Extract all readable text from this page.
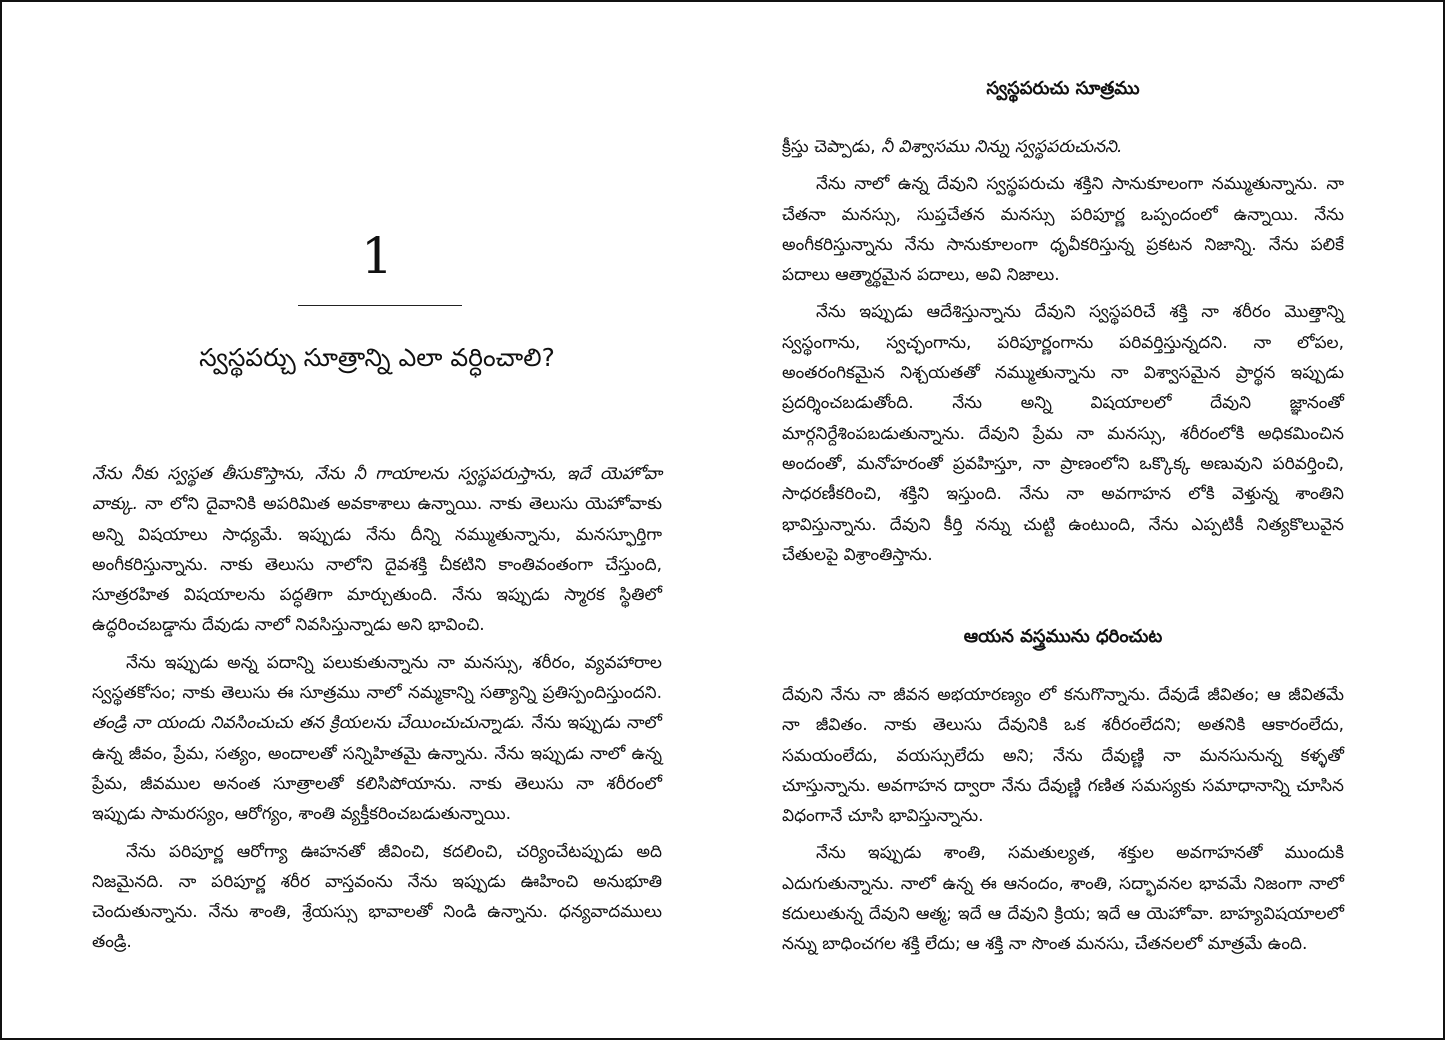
1
స్వస్థపర్చు సూత్రాన్ని ఎలా వర్ధించాలి?

నేను నీకు స్వస్థత తీసుకొస్తాను, నేను నీ గాయాలను స్వస్థపరుస్తాను, ఇదే యెహోవా వాక్కు. నా లోని దైవానికి అపరిమిత అవకాశాలు ఉన్నాయి. నాకు తెలుసు యెహోవాకు అన్ని విషయాలు సాధ్యమే. ఇప్పుడు నేను దీన్ని నమ్ముతున్నాను, మనస్ఫూర్తిగా అంగీకరిస్తున్నాను. నాకు తెలుసు నాలోని దైవశక్తి చీకటిని కాంతివంతంగా చేస్తుంది, సూత్రరహిత విషయాలను పద్ధతిగా మార్చుతుంది. నేను ఇప్పుడు స్మారక స్థితిలో ఉద్ధరించబడ్డాను దేవుడు నాలో నివసిస్తున్నాడు అని భావించి.

నేను ఇప్పుడు అన్న పదాన్ని పలుకుతున్నాను నా మనస్సు, శరీరం, వ్యవహారాల స్వస్థతకోసం; నాకు తెలుసు ఈ సూత్రము నాలో నమ్మకాన్ని సత్యాన్ని ప్రతిస్పందిస్తుందని. తండ్రి నా యందు నివసించుచు తన క్రియలను చేయించుచున్నాడు. నేను ఇప్పుడు నాలో ఉన్న జీవం, ప్రేమ, సత్యం, అందాలతో సన్నిహితమై ఉన్నాను. నేను ఇప్పుడు నాలో ఉన్న ప్రేమ, జీవముల అనంత సూత్రాలతో కలిసిపోయాను. నాకు తెలుసు నా శరీరంలో ఇప్పుడు సామరస్యం, ఆరోగ్యం, శాంతి వ్యక్తీకరించబడుతున్నాయి.

నేను పరిపూర్ణ ఆరోగ్యా ఊహనతో జీవించి, కదలించి, చర్యించేటప్పుడు అది నిజమైనది. నా పరిపూర్ణ శరీర వాస్తవంను నేను ఇప్పుడు ఊహించి అనుభూతి చెందుతున్నాను. నేను శాంతి, శ్రేయస్సు భావాలతో నిండి ఉన్నాను. ధన్యవాదములు తండ్రి.

స్వస్థపరుచు సూత్రము

క్రీస్తు చెప్పాడు, నీ విశ్వాసము నిన్ను స్వస్థపరుచునని.

నేను నాలో ఉన్న దేవుని స్వస్థపరుచు శక్తిని సానుకూలంగా నమ్ముతున్నాను. నా చేతనా మనస్సు, సుప్తచేతన మనస్సు పరిపూర్ణ ఒప్పందంలో ఉన్నాయి. నేను అంగీకరిస్తున్నాను నేను సానుకూలంగా ధృవీకరిస్తున్న ప్రకటన నిజాన్ని. నేను పలికే పదాలు ఆత్మార్థమైన పదాలు, అవి నిజాలు.

నేను ఇప్పుడు ఆదేశిస్తున్నాను దేవుని స్వస్థపరిచే శక్తి నా శరీరం మొత్తాన్ని స్వస్థంగాను, స్వచ్ఛంగాను, పరిపూర్ణంగాను పరివర్తిస్తున్నదని. నా లోపల, అంతరంగికమైన నిశ్చయతతో నమ్ముతున్నాను నా విశ్వాసమైన ప్రార్థన ఇప్పుడు ప్రదర్శించబడుతోంది. నేను అన్ని విషయాలలో దేవుని జ్ఞానంతో మార్గనిర్దేశింపబడుతున్నాను. దేవుని ప్రేమ నా మనస్సు, శరీరంలోకి అధికమించిన అందంతో, మనోహరంతో ప్రవహిస్తూ, నా ప్రాణంలోని ఒక్కొక్క అణువుని పరివర్తించి, సాధరణీకరించి, శక్తిని ఇస్తుంది. నేను నా అవగాహన లోకి వెళ్తున్న శాంతిని భావిస్తున్నాను. దేవుని కీర్తి నన్ను చుట్టి ఉంటుంది, నేను ఎప్పటికీ నిత్యకొలువైన చేతులపై విశ్రాంతిస్తాను.

ఆయన వస్త్రమును ధరించుట

దేవుని నేను నా జీవన అభయారణ్యం లో కనుగొన్నాను. దేవుడే జీవితం; ఆ జీవితమే నా జీవితం. నాకు తెలుసు దేవునికి ఒక శరీరంలేదని; అతనికి ఆకారంలేదు, సమయంలేదు, వయస్సులేదు అని; నేను దేవుణ్ణి నా మనసునున్న కళ్ళతో చూస్తున్నాను. అవగాహన ద్వారా నేను దేవుణ్ణి గణిత సమస్యకు సమాధానాన్ని చూసిన విధంగానే చూసి భావిస్తున్నాను.

నేను ఇప్పుడు శాంతి, సమతుల్యత, శక్తుల అవగాహనతో ముందుకి ఎదుగుతున్నాను. నాలో ఉన్న ఈ ఆనందం, శాంతి, సద్భావనల భావమే నిజంగా నాలో కదులుతున్న దేవుని ఆత్మ; ఇదే ఆ దేవుని క్రియ; ఇదే ఆ యెహోవా. బాహ్యవిషయాలలో నన్ను బాధించగల శక్తి లేదు; ఆ శక్తి నా సొంత మనసు, చేతనలలో మాత్రమే ఉంది.
